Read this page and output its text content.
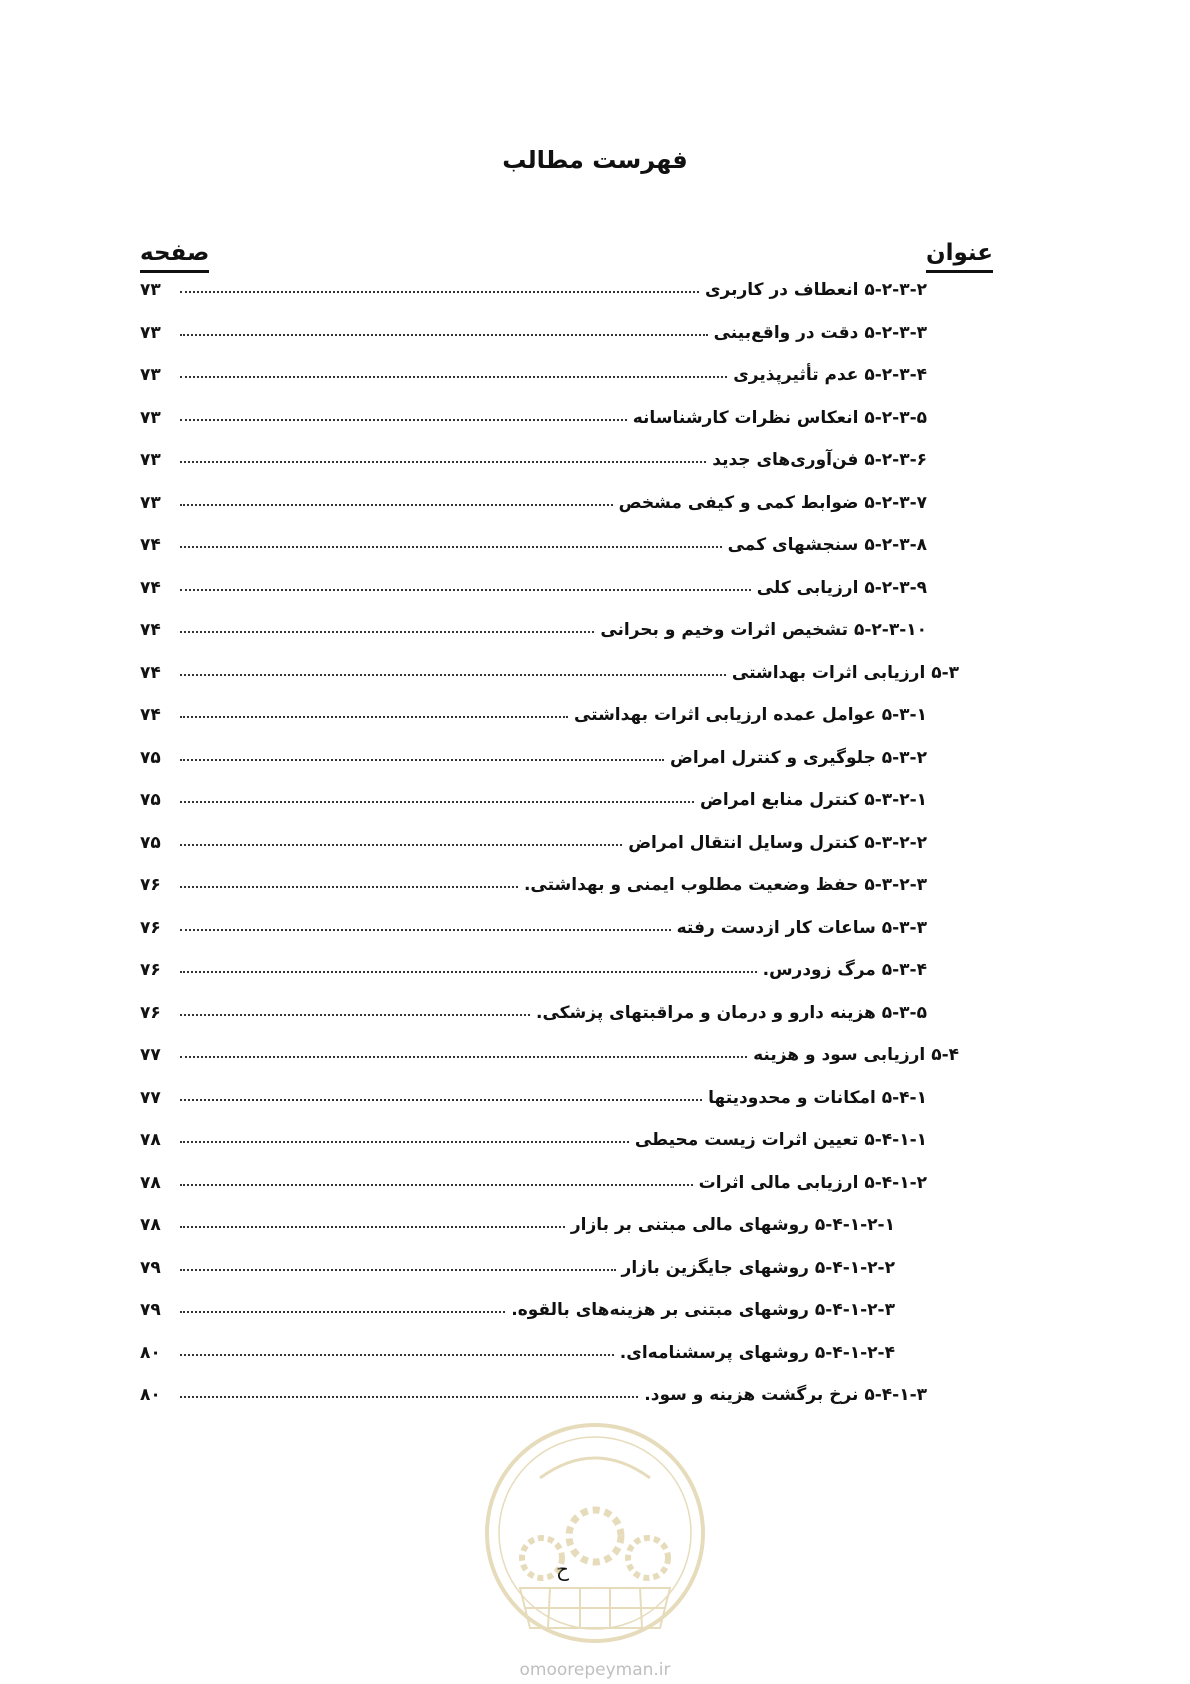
فهرست مطالب
عنوان
صفحه
۵-۲-۳-۲ انعطاف در کاربری
۷۳
۵-۲-۳-۳ دقت در واقع‌بینی
۷۳
۵-۲-۳-۴ عدم تأثیرپذیری
۷۳
۵-۲-۳-۵ انعکاس نظرات کارشناسانه
۷۳
۵-۲-۳-۶ فن‌آوری‌های جدید
۷۳
۵-۲-۳-۷ ضوابط کمی و کیفی مشخص
۷۳
۵-۲-۳-۸ سنجشهای کمی
۷۴
۵-۲-۳-۹ ارزیابی کلی
۷۴
۵-۲-۳-۱۰ تشخیص اثرات وخیم و بحرانی
۷۴
۵-۳ ارزیابی اثرات بهداشتی
۷۴
۵-۳-۱ عوامل عمده ارزیابی اثرات بهداشتی
۷۴
۵-۳-۲ جلوگیری و کنترل امراض
۷۵
۵-۳-۲-۱ کنترل منابع امراض
۷۵
۵-۳-۲-۲ کنترل وسایل انتقال امراض
۷۵
۵-۳-۲-۳ حفظ وضعیت مطلوب ایمنی و بهداشتی.
۷۶
۵-۳-۳ ساعات کار ازدست رفته
۷۶
۵-۳-۴ مرگ زودرس.
۷۶
۵-۳-۵ هزینه دارو و درمان و مراقبتهای پزشکی.
۷۶
۵-۴ ارزیابی سود و هزینه
۷۷
۵-۴-۱ امکانات و محدودیتها
۷۷
۵-۴-۱-۱ تعیین اثرات زیست محیطی
۷۸
۵-۴-۱-۲ ارزیابی مالی اثرات
۷۸
۵-۴-۱-۲-۱ روشهای مالی مبتنی بر بازار
۷۸
۵-۴-۱-۲-۲ روشهای جایگزین بازار
۷۹
۵-۴-۱-۲-۳ روشهای مبتنی بر هزینه‌های بالقوه.
۷۹
۵-۴-۱-۲-۴ روشهای پرسشنامه‌ای.
۸۰
۵-۴-۱-۳ نرخ برگشت هزینه و سود.
۸۰
ح
omoorepeyman.ir
